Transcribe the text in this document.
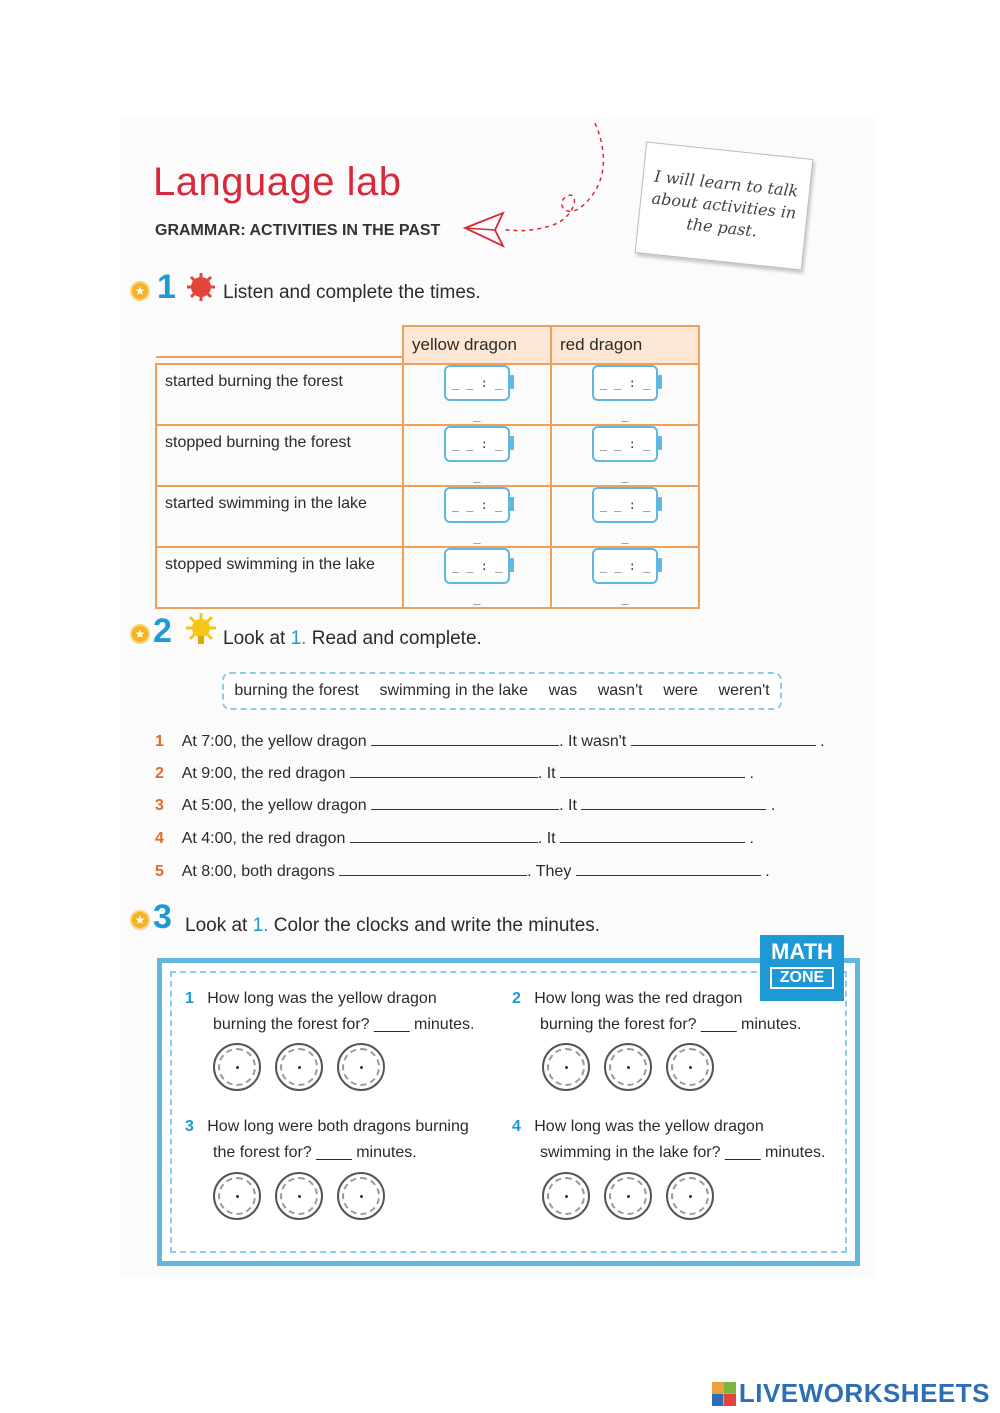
Language lab
GRAMMAR: ACTIVITIES IN THE PAST
I will learn to talk about activities in the past.
★ 1 Listen and complete the times.
yellow dragon	red dragon
started burning the forest	_ _ : _ _	_ _ : _ _
stopped burning the forest	_ _ : _ _	_ _ : _ _
started swimming in the lake	_ _ : _ _	_ _ : _ _
stopped swimming in the lake	_ _ : _ _	_ _ : _ _
★ 2	Look at 1. Read and complete.
burning the forest swimming in the lake was wasn't were weren't
1 At 7:00, the yellow dragon	. It wasn't	.
2 At 9:00, the red dragon	. It	.
3 At 5:00, the yellow dragon	. It	.
4 At 4:00, the red dragon	. It	.
5 At 8:00, both dragons	. They	.
★ 3 Look at 1. Color the clocks and write the minutes.
MATH
ZONE
1 How long was the yellow dragon
burning the forest for? ____ minutes.
2 How long was the red dragon
burning the forest for? ____ minutes.
3 How long were both dragons burning
the forest for? ____ minutes.
4 How long was the yellow dragon
swimming in the lake for? ____ minutes.
LIVEWORKSHEETS
